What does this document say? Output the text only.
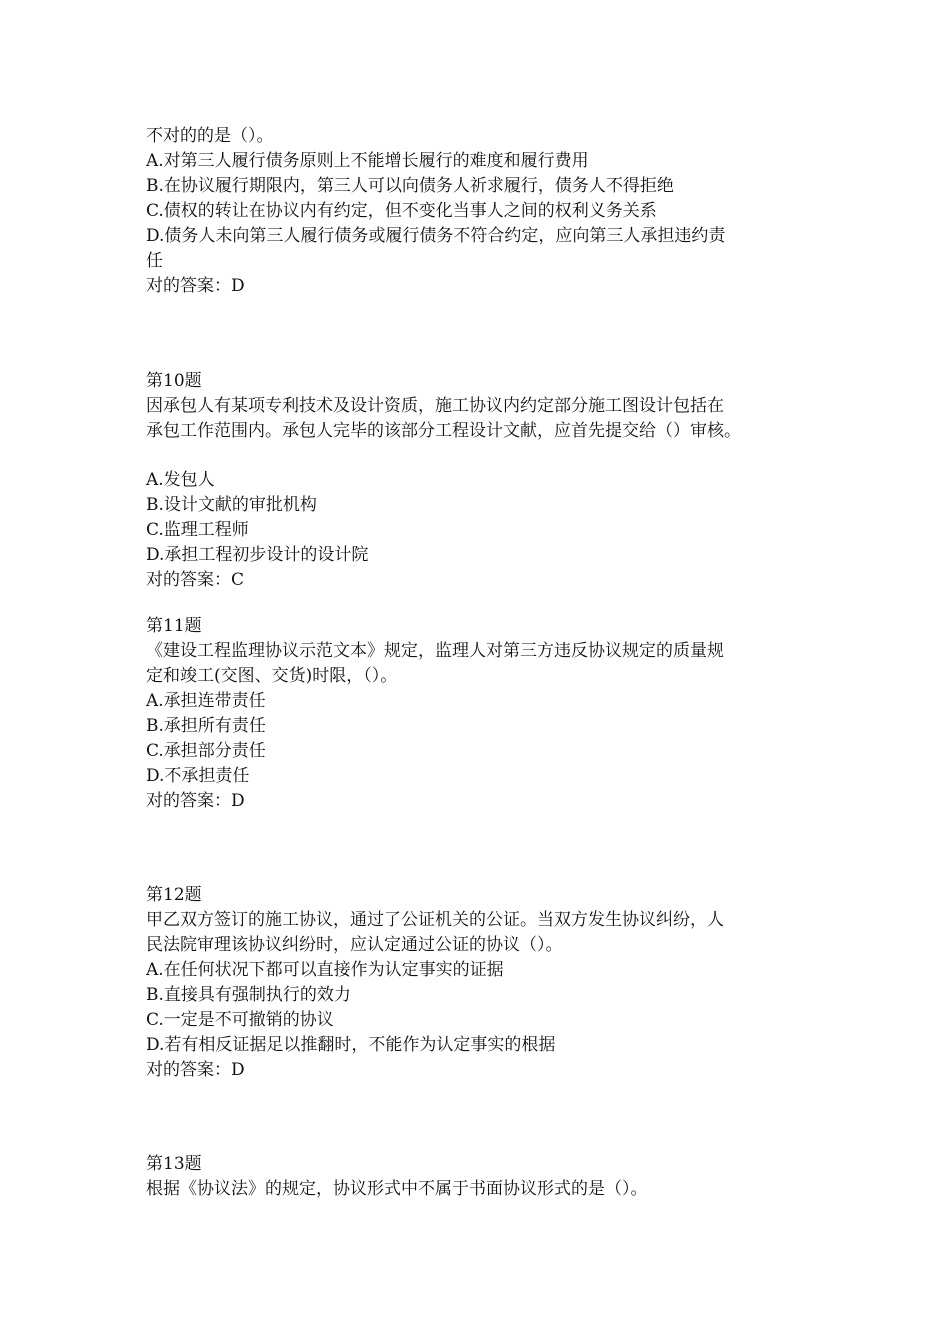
不对的的是（）。
A.对第三人履行债务原则上不能增长履行的难度和履行费用
B.在协议履行期限内，第三人可以向债务人祈求履行，债务人不得拒绝
C.债权的转让在协议内有约定，但不变化当事人之间的权利义务关系
D.债务人未向第三人履行债务或履行债务不符合约定，应向第三人承担违约责
任
对的答案：D
第10题
因承包人有某项专利技术及设计资质，施工协议内约定部分施工图设计包括在
承包工作范围内。承包人完毕的该部分工程设计文献，应首先提交给（）审核。
A.发包人
B.设计文献的审批机构
C.监理工程师
D.承担工程初步设计的设计院
对的答案：C
第11题
《建设工程监理协议示范文本》规定，监理人对第三方违反协议规定的质量规
定和竣工(交图、交货)时限，（）。
A.承担连带责任
B.承担所有责任
C.承担部分责任
D.不承担责任
对的答案：D
第12题
甲乙双方签订的施工协议，通过了公证机关的公证。当双方发生协议纠纷，人
民法院审理该协议纠纷时，应认定通过公证的协议（）。
A.在任何状况下都可以直接作为认定事实的证据
B.直接具有强制执行的效力
C.一定是不可撤销的协议
D.若有相反证据足以推翻时，不能作为认定事实的根据
对的答案：D
第13题
根据《协议法》的规定，协议形式中不属于书面协议形式的是（）。
